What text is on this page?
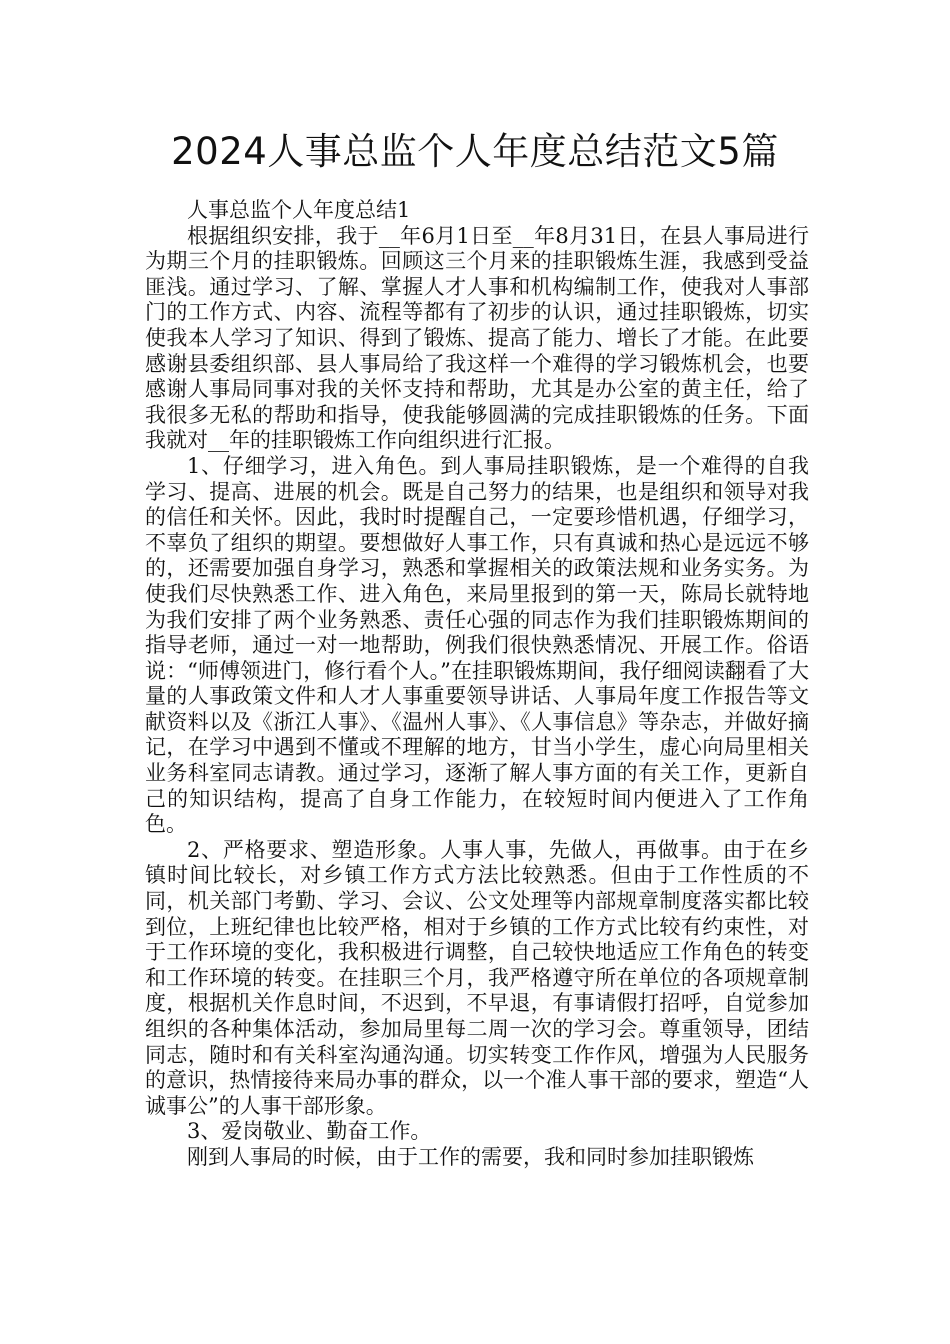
2024人事总监个人年度总结范文5篇

人事总监个人年度总结1

根据组织安排，我于__年6月1日至__年8月31日，在县人事局进行为期三个月的挂职锻炼。回顾这三个月来的挂职锻炼生涯，我感到受益匪浅。通过学习、了解、掌握人才人事和机构编制工作，使我对人事部门的工作方式、内容、流程等都有了初步的认识，通过挂职锻炼，切实使我本人学习了知识、得到了锻炼、提高了能力、增长了才能。在此要感谢县委组织部、县人事局给了我这样一个难得的学习锻炼机会，也要感谢人事局同事对我的关怀支持和帮助，尤其是办公室的黄主任，给了我很多无私的帮助和指导，使我能够圆满的完成挂职锻炼的任务。下面我就对__年的挂职锻炼工作向组织进行汇报。

1、仔细学习，进入角色。到人事局挂职锻炼，是一个难得的自我学习、提高、进展的机会。既是自己努力的结果，也是组织和领导对我的信任和关怀。因此，我时时提醒自己，一定要珍惜机遇，仔细学习，不辜负了组织的期望。要想做好人事工作，只有真诚和热心是远远不够的，还需要加强自身学习，熟悉和掌握相关的政策法规和业务实务。为使我们尽快熟悉工作、进入角色，来局里报到的第一天，陈局长就特地为我们安排了两个业务熟悉、责任心强的同志作为我们挂职锻炼期间的指导老师，通过一对一地帮助，例我们很快熟悉情况、开展工作。俗语说：“师傅领进门，修行看个人。”在挂职锻炼期间，我仔细阅读翻看了大量的人事政策文件和人才人事重要领导讲话、人事局年度工作报告等文献资料以及《浙江人事》、《温州人事》、《人事信息》等杂志，并做好摘记，在学习中遇到不懂或不理解的地方，甘当小学生，虚心向局里相关业务科室同志请教。通过学习，逐渐了解人事方面的有关工作，更新自己的知识结构，提高了自身工作能力，在较短时间内便进入了工作角色。

2、严格要求、塑造形象。人事人事，先做人，再做事。由于在乡镇时间比较长，对乡镇工作方式方法比较熟悉。但由于工作性质的不同，机关部门考勤、学习、会议、公文处理等内部规章制度落实都比较到位，上班纪律也比较严格，相对于乡镇的工作方式比较有约束性，对于工作环境的变化，我积极进行调整，自己较快地适应工作角色的转变和工作环境的转变。在挂职三个月，我严格遵守所在单位的各项规章制度，根据机关作息时间，不迟到，不早退，有事请假打招呼，自觉参加组织的各种集体活动，参加局里每二周一次的学习会。尊重领导，团结同志，随时和有关科室沟通沟通。切实转变工作作风，增强为人民服务的意识，热情接待来局办事的群众，以一个准人事干部的要求，塑造“人诚事公”的人事干部形象。

3、爱岗敬业、勤奋工作。

刚到人事局的时候，由于工作的需要，我和同时参加挂职锻炼
